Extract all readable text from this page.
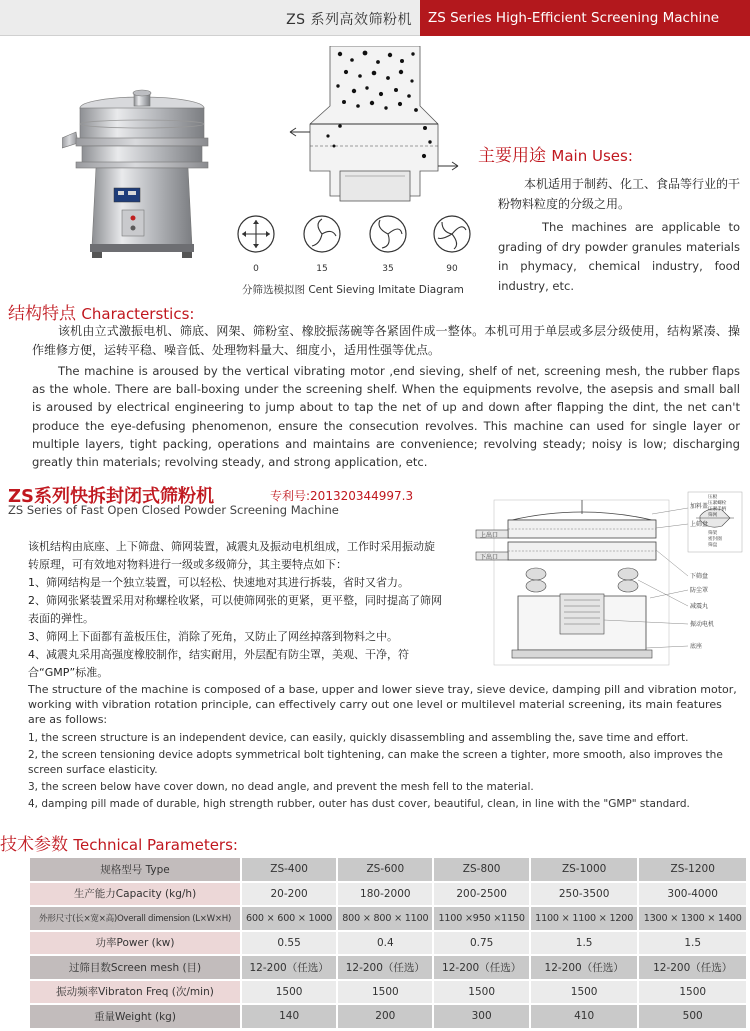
ZS 系列高效筛粉机 ZS Series High-Efficient Screening Machine
0	15	35	90
分筛选模拟图 Cent Sieving Imitate Diagram
主要用途 Main Uses:

本机适用于制药、化工、食品等行业的干粉物料粒度的分级之用。

The machines are applicable to grading of dry powder granules materials in phymacy, chemical industry, food industry, etc.

结构特点 Characterstics:

该机由立式激振电机、筛底、网架、筛粉室、橡胶振荡碗等各紧固件成一整体。本机可用于单层或多层分级使用，结构紧凑、操作维修方便，运转平稳、噪音低、处理物料量大、细度小，适用性强等优点。

The machine is aroused by the vertical vibrating motor ,end sieving, shelf of net, screening mesh, the rubber flaps as the whole. There are ball-boxing under the screening shelf. When the equipments revolve, the asepsis and small ball is aroused by electrical engineering to jump about to tap the net of up and down after flapping the dint, the net can't produce the eye-defusing phenomenon, ensure the consecution revolves. This machine can used for single layer or multiple layers, tight packing, operations and maintains are convenience; revolving steady; noisy is low; discharging greatly thin materials; revolving steady, and strong application, etc.

ZS系列快拆封闭式筛粉机	专利号:201320344997.3
ZS Series of Fast Open Closed Powder Screening Machine

该机结构由底座、上下筛盘、筛网装置，减震丸及振动电机组成，工作时采用振动旋转原理，可有效地对物料进行一级或多级筛分，其主要特点如下：

1、筛网结构是一个独立装置，可以轻松、快速地对其进行拆装，省时又省力。

2、筛网张紧装置采用对称螺栓收紧，可以使筛网张的更紧，更平整，同时提高了筛网表面的弹性。

3、筛网上下面都有盖板压住，消除了死角，又防止了网丝掉落到物料之中。

4、减震丸采用高强度橡胶制作，结实耐用，外层配有防尘罩，美观、干净，符合“GMP”标准。

上出口
下出口
加料盖
上筛盘
下筛盘
防尘罩
减震丸
振动电机
底座
压板
压紧螺栓
压紧手柄
筛网
筛架
密封圈
筛盘

The structure of the machine is composed of a base, upper and lower sieve tray, sieve device, damping pill and vibration motor, working with vibration rotation principle, can effectively carry out one level or multilevel material screening, its main features are as follows:

1, the screen structure is an independent device, can easily, quickly disassembling and assembling the, save time and effort.

2, the screen tensioning device adopts symmetrical bolt tightening, can make the screen a tighter, more smooth, also improves the screen surface elasticity.

3, the screen below have cover down, no dead angle, and prevent the mesh fell to the material.

4, damping pill made of durable, high strength rubber, outer has dust cover, beautiful, clean, in line with the "GMP" standard.

技术参数 Technical Parameters:
规格型号 Type	ZS-400	ZS-600	ZS-800	ZS-1000	ZS-1200
生产能力Capacity (kg/h)	20-200	180-2000	200-2500	250-3500	300-4000
外形尺寸(长×宽×高)Overall dimension (L×W×H)	600 × 600 × 1000	800 × 800 × 1100	1100 ×950 ×1150	1100 × 1100 × 1200	1300 × 1300 × 1400
功率Power (kw)	0.55	0.4	0.75	1.5	1.5
过筛目数Screen mesh (目)	12-200（任选）	12-200（任选）	12-200（任选）	12-200（任选）	12-200（任选）
振动频率Vibraton Freq (次/min)	1500	1500	1500	1500	1500
重量Weight (kg)	140	200	300	410	500
